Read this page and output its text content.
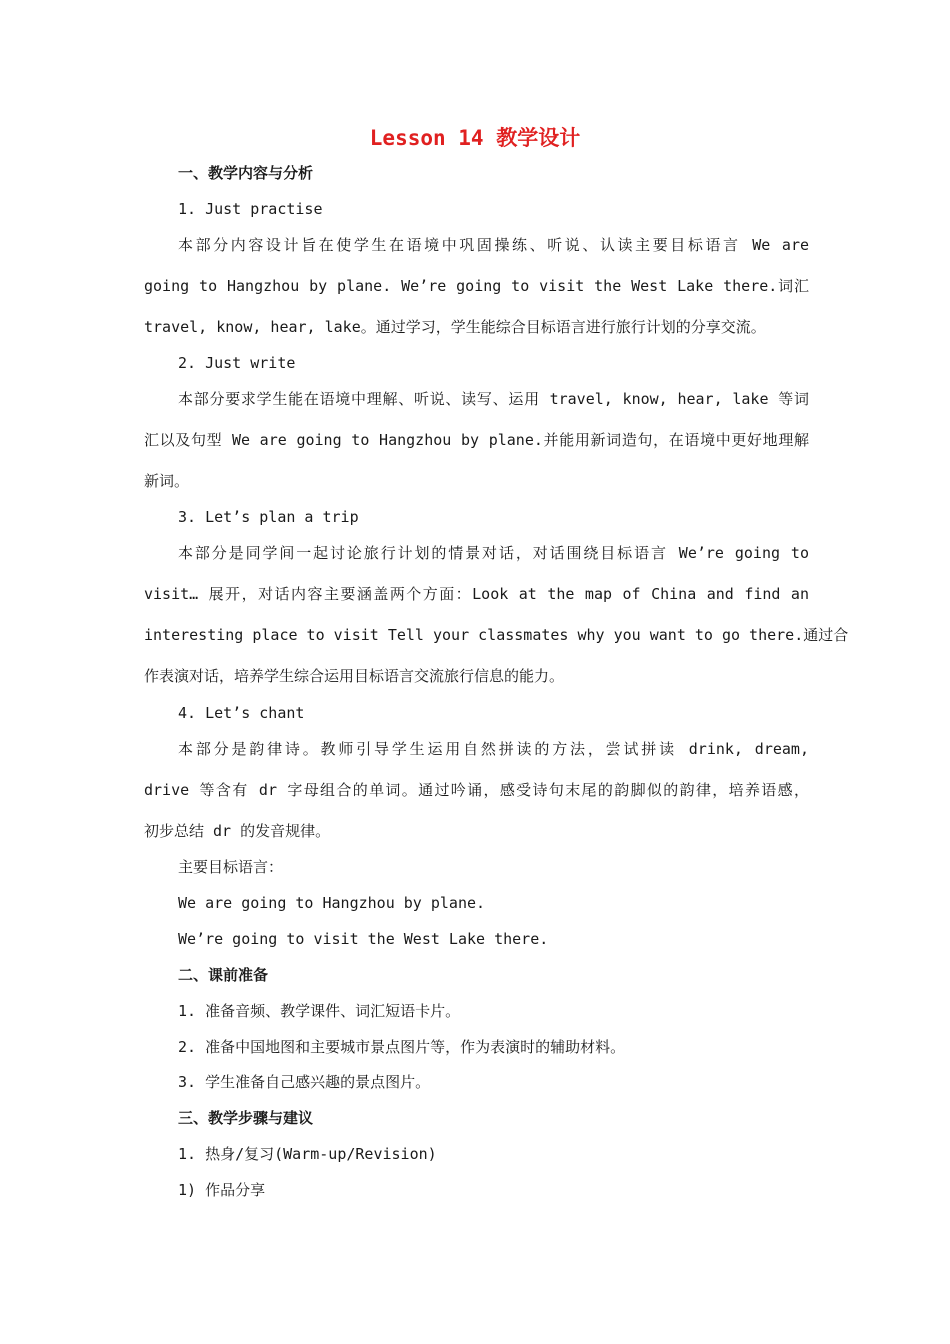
Lesson 14 教学设计
一、教学内容与分析
1. Just practise
本部分内容设计旨在使学生在语境中巩固操练、听说、认读主要目标语言 We are
going to Hangzhou by plane. We’re going to visit the West Lake there.词汇
travel, know, hear, lake。通过学习，学生能综合目标语言进行旅行计划的分享交流。
2. Just write
本部分要求学生能在语境中理解、听说、读写、运用 travel, know, hear, lake 等词
汇以及句型 We are going to Hangzhou by plane.并能用新词造句，在语境中更好地理解
新词。
3. Let’s plan a trip
本部分是同学间一起讨论旅行计划的情景对话，对话围绕目标语言 We’re going to
visit… 展开，对话内容主要涵盖两个方面：Look at the map of China and find an
interesting place to visit Tell your classmates why you want to go there.通过合
作表演对话，培养学生综合运用目标语言交流旅行信息的能力。
4. Let’s chant
本部分是韵律诗。教师引导学生运用自然拼读的方法，尝试拼读 drink, dream,
drive 等含有 dr 字母组合的单词。通过吟诵，感受诗句末尾的韵脚似的韵律，培养语感，
初步总结 dr 的发音规律。
主要目标语言：
We are going to Hangzhou by plane.
We’re going to visit the West Lake there.
二、课前准备
1. 准备音频、教学课件、词汇短语卡片。
2. 准备中国地图和主要城市景点图片等，作为表演时的辅助材料。
3. 学生准备自己感兴趣的景点图片。
三、教学步骤与建议
1. 热身/复习(Warm-up/Revision)
1) 作品分享
